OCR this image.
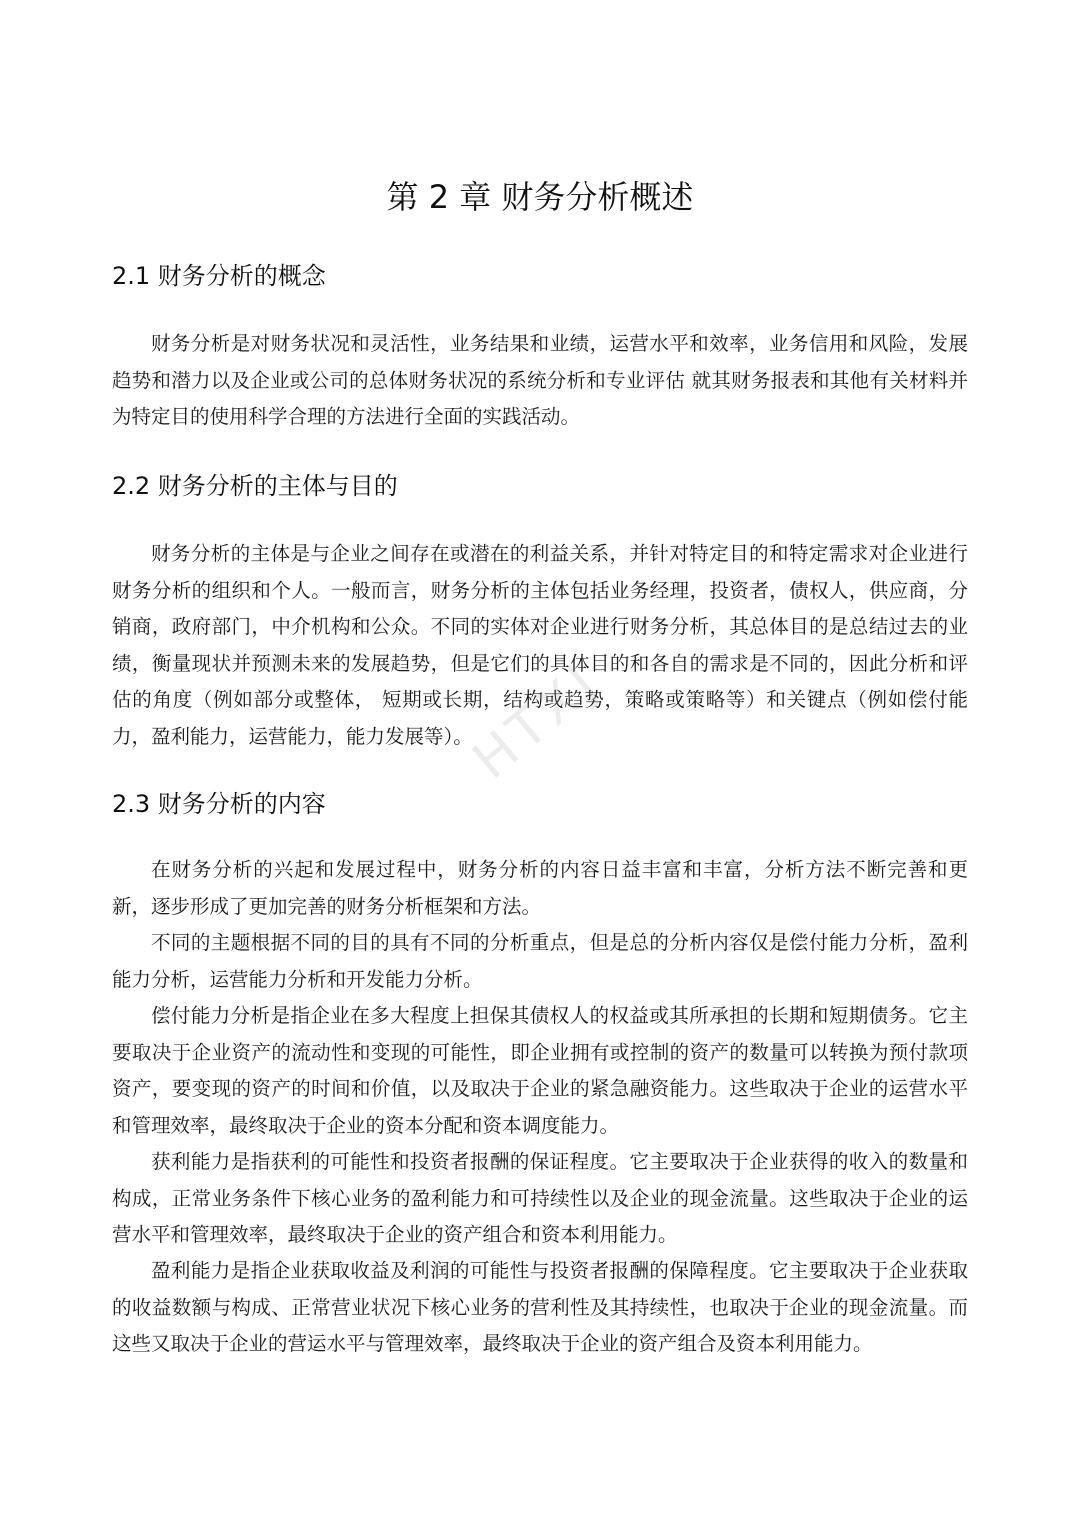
第 2 章 财务分析概述
2.1 财务分析的概念

财务分析是对财务状况和灵活性，业务结果和业绩，运营水平和效率，业务信用和风险，发展趋势和潜力以及企业或公司的总体财务状况的系统分析和专业评估 就其财务报表和其他有关材料并为特定目的使用科学合理的方法进行全面的实践活动。

2.2 财务分析的主体与目的

财务分析的主体是与企业之间存在或潜在的利益关系，并针对特定目的和特定需求对企业进行财务分析的组织和个人。一般而言，财务分析的主体包括业务经理，投资者，债权人，供应商，分销商，政府部门，中介机构和公众。不同的实体对企业进行财务分析，其总体目的是总结过去的业绩，衡量现状并预测未来的发展趋势，但是它们的具体目的和各自的需求是不同的，因此分析和评估的角度（例如部分或整体， 短期或长期，结构或趋势，策略或策略等）和关键点（例如偿付能力，盈利能力，运营能力，能力发展等）。

2.3 财务分析的内容

在财务分析的兴起和发展过程中，财务分析的内容日益丰富和丰富，分析方法不断完善和更新，逐步形成了更加完善的财务分析框架和方法。

不同的主题根据不同的目的具有不同的分析重点，但是总的分析内容仅是偿付能力分析，盈利能力分析，运营能力分析和开发能力分析。

偿付能力分析是指企业在多大程度上担保其债权人的权益或其所承担的长期和短期债务。它主要取决于企业资产的流动性和变现的可能性，即企业拥有或控制的资产的数量可以转换为预付款项资产，要变现的资产的时间和价值，以及取决于企业的紧急融资能力。这些取决于企业的运营水平和管理效率，最终取决于企业的资本分配和资本调度能力。

获利能力是指获利的可能性和投资者报酬的保证程度。它主要取决于企业获得的收入的数量和构成，正常业务条件下核心业务的盈利能力和可持续性以及企业的现金流量。这些取决于企业的运营水平和管理效率，最终取决于企业的资产组合和资本利用能力。

盈利能力是指企业获取收益及利润的可能性与投资者报酬的保障程度。它主要取决于企业获取的收益数额与构成、正常营业状况下核心业务的营利性及其持续性，也取决于企业的现金流量。而这些又取决于企业的营运水平与管理效率，最终取决于企业的资产组合及资本利用能力。

HTXJ
